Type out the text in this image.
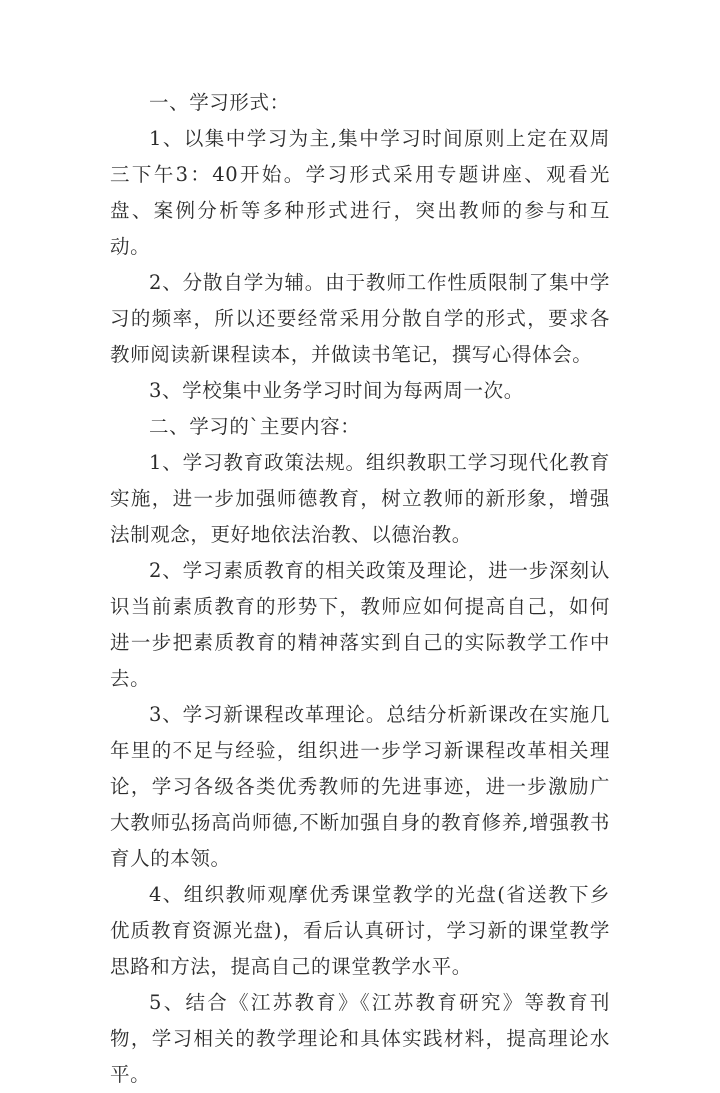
一、学习形式：

1、以集中学习为主,集中学习时间原则上定在双周三下午3：40开始。学习形式采用专题讲座、观看光盘、案例分析等多种形式进行，突出教师的参与和互动。

2、分散自学为辅。由于教师工作性质限制了集中学习的频率，所以还要经常采用分散自学的形式，要求各教师阅读新课程读本，并做读书笔记，撰写心得体会。

3、学校集中业务学习时间为每两周一次。

二、学习的`主要内容：

1、学习教育政策法规。组织教职工学习现代化教育实施，进一步加强师德教育，树立教师的新形象，增强法制观念，更好地依法治教、以德治教。

2、学习素质教育的相关政策及理论，进一步深刻认识当前素质教育的形势下，教师应如何提高自己，如何进一步把素质教育的精神落实到自己的实际教学工作中去。

3、学习新课程改革理论。总结分析新课改在实施几年里的不足与经验，组织进一步学习新课程改革相关理论，学习各级各类优秀教师的先进事迹，进一步激励广大教师弘扬高尚师德,不断加强自身的教育修养,增强教书育人的本领。

4、组织教师观摩优秀课堂教学的光盘(省送教下乡优质教育资源光盘)，看后认真研讨，学习新的课堂教学思路和方法，提高自己的课堂教学水平。

5、结合《江苏教育》《江苏教育研究》等教育刊物，学习相关的教学理论和具体实践材料，提高理论水平。
